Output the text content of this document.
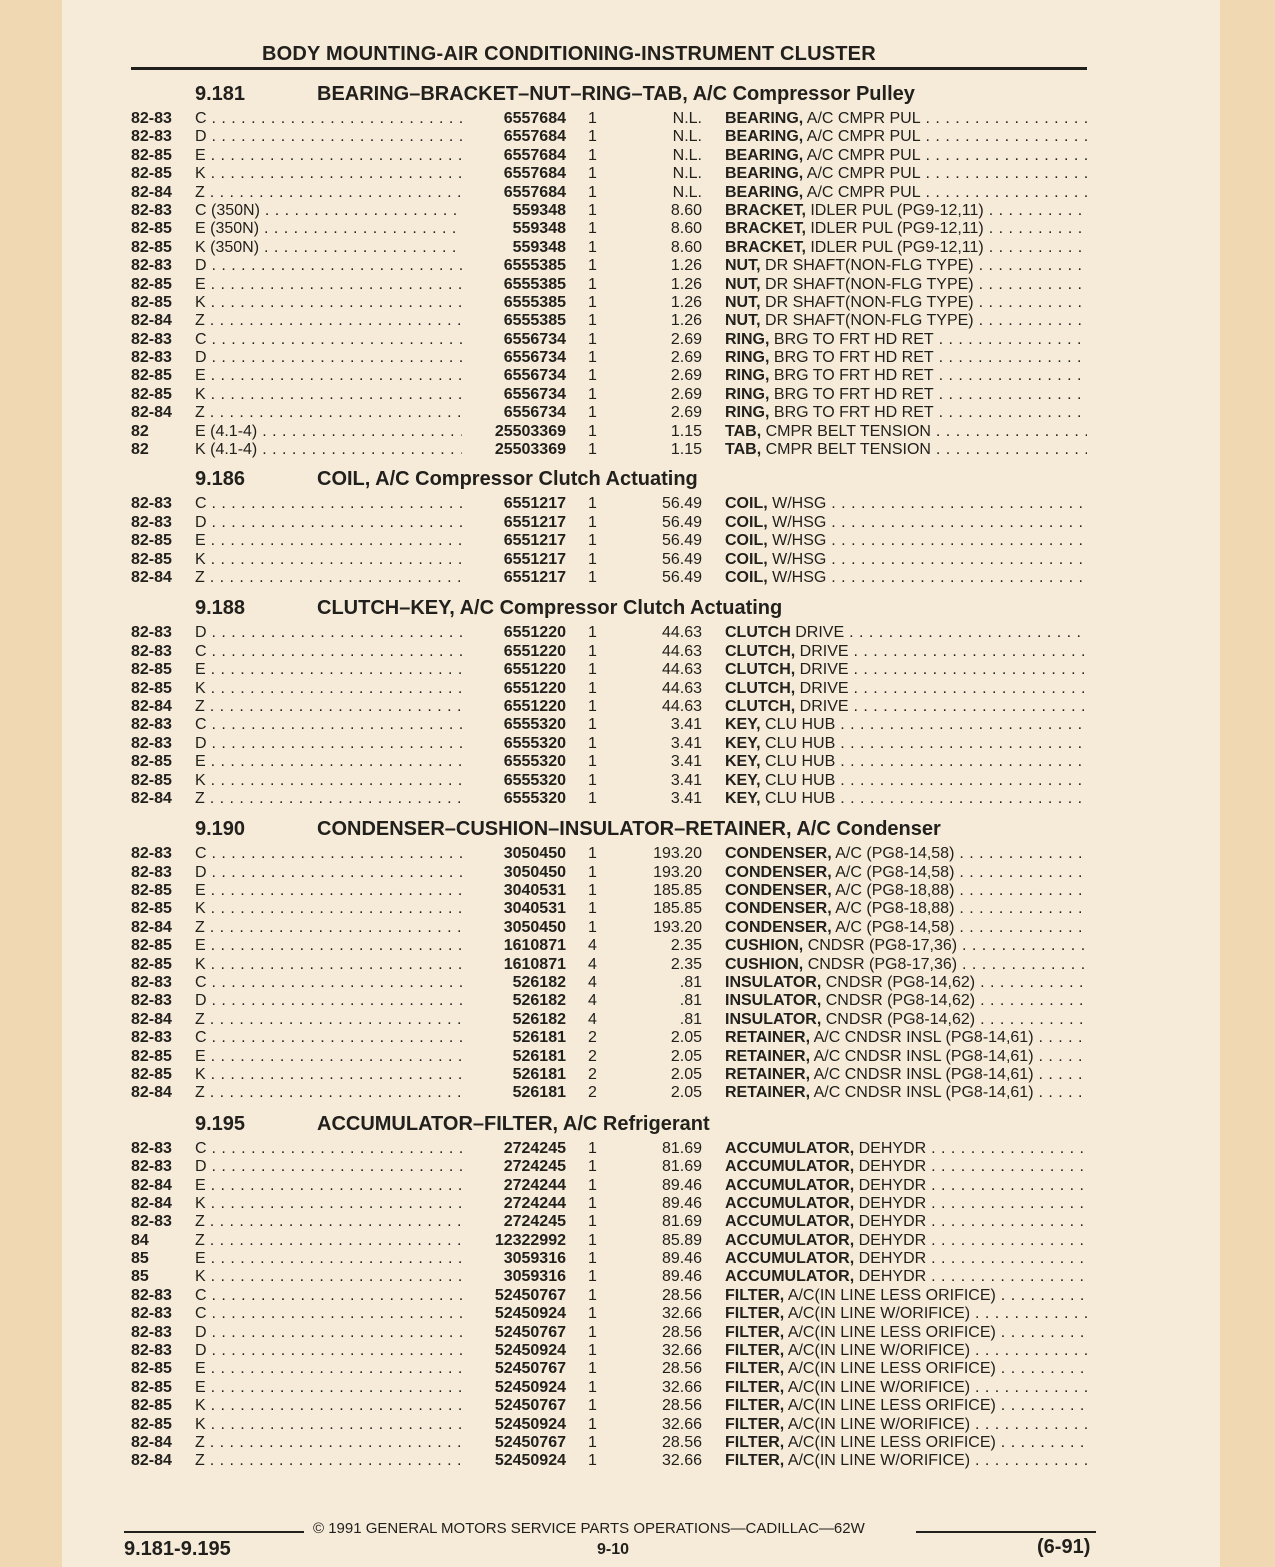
BODY MOUNTING-AIR CONDITIONING-INSTRUMENT CLUSTER
9.181	BEARING–BRACKET–NUT–RING–TAB, A/C Compressor Pulley
82-83	C . . .	6557684 1	N.L. BEARING, A/C CMPR PUL . . .
82-83	D . . .	6557684 1	N.L. BEARING, A/C CMPR PUL . . .
82-85	E . . .	6557684 1	N.L. BEARING, A/C CMPR PUL . . .
82-85	K . . .	6557684 1	N.L. BEARING, A/C CMPR PUL . . .
82-84	Z . . .	6557684 1	N.L. BEARING, A/C CMPR PUL . . .
82-83	C (350N) . . .	559348 1	8.60 BRACKET, IDLER PUL (PG9-12,11) . . .
82-85	E (350N) . . .	559348 1	8.60 BRACKET, IDLER PUL (PG9-12,11) . . .
82-85	K (350N) . . .	559348 1	8.60 BRACKET, IDLER PUL (PG9-12,11) . . .
82-83	D . . .	6555385 1	1.26 NUT, DR SHAFT(NON-FLG TYPE) . . .
82-85	E . . .	6555385 1	1.26 NUT, DR SHAFT(NON-FLG TYPE) . . .
82-85	K . . .	6555385 1	1.26 NUT, DR SHAFT(NON-FLG TYPE) . . .
82-84	Z . . .	6555385 1	1.26 NUT, DR SHAFT(NON-FLG TYPE) . . .
82-83	C . . .	6556734 1	2.69 RING, BRG TO FRT HD RET . . .
82-83	D . . .	6556734 1	2.69 RING, BRG TO FRT HD RET . . .
82-85	E . . .	6556734 1	2.69 RING, BRG TO FRT HD RET . . .
82-85	K . . .	6556734 1	2.69 RING, BRG TO FRT HD RET . . .
82-84	Z . . .	6556734 1	2.69 RING, BRG TO FRT HD RET . . .
82	E (4.1-4) . . .	25503369 1	1.15 TAB, CMPR BELT TENSION . . .
82	K (4.1-4) . . .	25503369 1	1.15 TAB, CMPR BELT TENSION . . .
9.186	COIL, A/C Compressor Clutch Actuating
82-83	C . . .	6551217 1	56.49 COIL, W/HSG . . .
82-83	D . . .	6551217 1	56.49 COIL, W/HSG . . .
82-85	E . . .	6551217 1	56.49 COIL, W/HSG . . .
82-85	K . . .	6551217 1	56.49 COIL, W/HSG . . .
82-84	Z . . .	6551217 1	56.49 COIL, W/HSG . . .
9.188	CLUTCH–KEY, A/C Compressor Clutch Actuating
82-83	D . . .	6551220 1	44.63 CLUTCH DRIVE . . .
82-83	C . . .	6551220 1	44.63 CLUTCH, DRIVE . . .
82-85	E . . .	6551220 1	44.63 CLUTCH, DRIVE . . .
82-85	K . . .	6551220 1	44.63 CLUTCH, DRIVE . . .
82-84	Z . . .	6551220 1	44.63 CLUTCH, DRIVE . . .
82-83	C . . .	6555320 1	3.41 KEY, CLU HUB . . .
82-83	D . . .	6555320 1	3.41 KEY, CLU HUB . . .
82-85	E . . .	6555320 1	3.41 KEY, CLU HUB . . .
82-85	K . . .	6555320 1	3.41 KEY, CLU HUB . . .
82-84	Z . . .	6555320 1	3.41 KEY, CLU HUB . . .
9.190	CONDENSER–CUSHION–INSULATOR–RETAINER, A/C Condenser
82-83	C . . .	3050450 1	193.20 CONDENSER, A/C (PG8-14,58) . . .
82-83	D . . .	3050450 1	193.20 CONDENSER, A/C (PG8-14,58) . . .
82-85	E . . .	3040531 1	185.85 CONDENSER, A/C (PG8-18,88) . . .
82-85	K . . .	3040531 1	185.85 CONDENSER, A/C (PG8-18,88) . . .
82-84	Z . . .	3050450 1	193.20 CONDENSER, A/C (PG8-14,58) . . .
82-85	E . . .	1610871 4	2.35 CUSHION, CNDSR (PG8-17,36) . . .
82-85	K . . .	1610871 4	2.35 CUSHION, CNDSR (PG8-17,36) . . .
82-83	C . . .	526182 4	.81 INSULATOR, CNDSR (PG8-14,62) . . .
82-83	D . . .	526182 4	.81 INSULATOR, CNDSR (PG8-14,62) . . .
82-84	Z . . .	526182 4	.81 INSULATOR, CNDSR (PG8-14,62) . . .
82-83	C . . .	526181 2	2.05 RETAINER, A/C CNDSR INSL (PG8-14,61) . . .
82-85	E . . .	526181 2	2.05 RETAINER, A/C CNDSR INSL (PG8-14,61) . . .
82-85	K . . .	526181 2	2.05 RETAINER, A/C CNDSR INSL (PG8-14,61) . . .
82-84	Z . . .	526181 2	2.05 RETAINER, A/C CNDSR INSL (PG8-14,61) . . .
9.195	ACCUMULATOR–FILTER, A/C Refrigerant
82-83	C . . .	2724245 1	81.69 ACCUMULATOR, DEHYDR . . .
82-83	D . . .	2724245 1	81.69 ACCUMULATOR, DEHYDR . . .
82-84	E . . .	2724244 1	89.46 ACCUMULATOR, DEHYDR . . .
82-84	K . . .	2724244 1	89.46 ACCUMULATOR, DEHYDR . . .
82-83	Z . . .	2724245 1	81.69 ACCUMULATOR, DEHYDR . . .
84	Z . . .	12322992 1	85.89 ACCUMULATOR, DEHYDR . . .
85	E . . .	3059316 1	89.46 ACCUMULATOR, DEHYDR . . .
85	K . . .	3059316 1	89.46 ACCUMULATOR, DEHYDR . . .
82-83	C . . .	52450767 1	28.56 FILTER, A/C(IN LINE LESS ORIFICE) . . .
82-83	C . . .	52450924 1	32.66 FILTER, A/C(IN LINE W/ORIFICE) . . .
82-83	D . . .	52450767 1	28.56 FILTER, A/C(IN LINE LESS ORIFICE) . . .
82-83	D . . .	52450924 1	32.66 FILTER, A/C(IN LINE W/ORIFICE) . . .
82-85	E . . .	52450767 1	28.56 FILTER, A/C(IN LINE LESS ORIFICE) . . .
82-85	E . . .	52450924 1	32.66 FILTER, A/C(IN LINE W/ORIFICE) . . .
82-85	K . . .	52450767 1	28.56 FILTER, A/C(IN LINE LESS ORIFICE) . . .
82-85	K . . .	52450924 1	32.66 FILTER, A/C(IN LINE W/ORIFICE) . . .
82-84	Z . . .	52450767 1	28.56 FILTER, A/C(IN LINE LESS ORIFICE) . . .
82-84	Z . . .	52450924 1	32.66 FILTER, A/C(IN LINE W/ORIFICE) . . .
© 1991 GENERAL MOTORS SERVICE PARTS OPERATIONS—CADILLAC—62W
9.181-9.195	9-10	(6-91)
